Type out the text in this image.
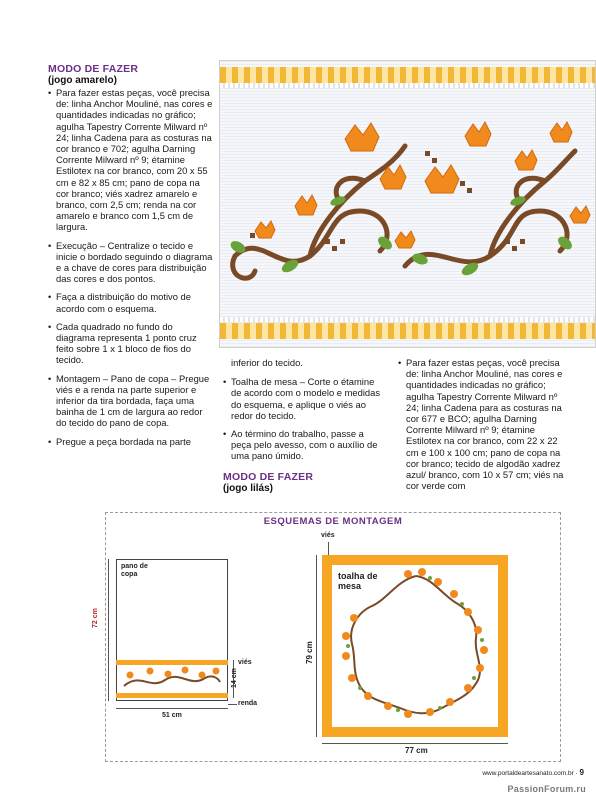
MODO DE FAZER
(jogo amarelo)

• Para fazer estas peças, você precisa de: linha Anchor Mouliné, nas cores e quantidades indicadas no gráfico; agulha Tapestry Corrente Milward nº 24; linha Cadena para as costuras na cor branco e 702; agulha Darning Corrente Milward nº 9; étamine Estilotex na cor branco, com 20 x 55 cm e 82 x 85 cm; pano de copa na cor branco; viés xadrez amarelo e branco, com 2,5 cm; renda na cor amarelo e branco com 1,5 cm de largura.

• Execução – Centralize o tecido e inicie o bordado seguindo o diagrama e a chave de cores para distribuição das cores e dos pontos.

• Faça a distribuição do motivo de acordo com o esquema.

• Cada quadrado no fundo do diagrama representa 1 ponto cruz feito sobre 1 x 1 bloco de fios do tecido.

• Montagem – Pano de copa – Pregue viés e a renda na parte superior e inferior da tira bordada, faça uma bainha de 1 cm de largura ao redor do tecido do pano de copa.

• Pregue a peça bordada na parte

inferior do tecido.

• Toalha de mesa – Corte o étamine de acordo com o modelo e medidas do esquema, e aplique o viés ao redor do tecido.

• Ao término do trabalho, passe a peça pelo avesso, com o auxílio de uma pano úmido.

MODO DE FAZER
(jogo lilás)

• Para fazer estas peças, você precisa de: linha Anchor Mouliné, nas cores e quantidades indicadas no gráfico; agulha Tapestry Corrente Milward nº 24; linha Cadena para as costuras na cor 677 e BCO; agulha Darning Corrente Milward nº 9; étamine Estilotex na cor branco, com 22 x 22 cm e 100 x 100 cm; pano de copa na cor branco; tecido de algodão xadrez azul/ branco, com 10 x 57 cm; viés na cor verde com

ESQUEMAS DE MONTAGEM
pano de
copa
72 cm
51 cm
14 cm
viés
renda
viés
toalha de
mesa
79 cm
77 cm
www.portaldeartesanato.com.br · 9
PassionForum.ru
